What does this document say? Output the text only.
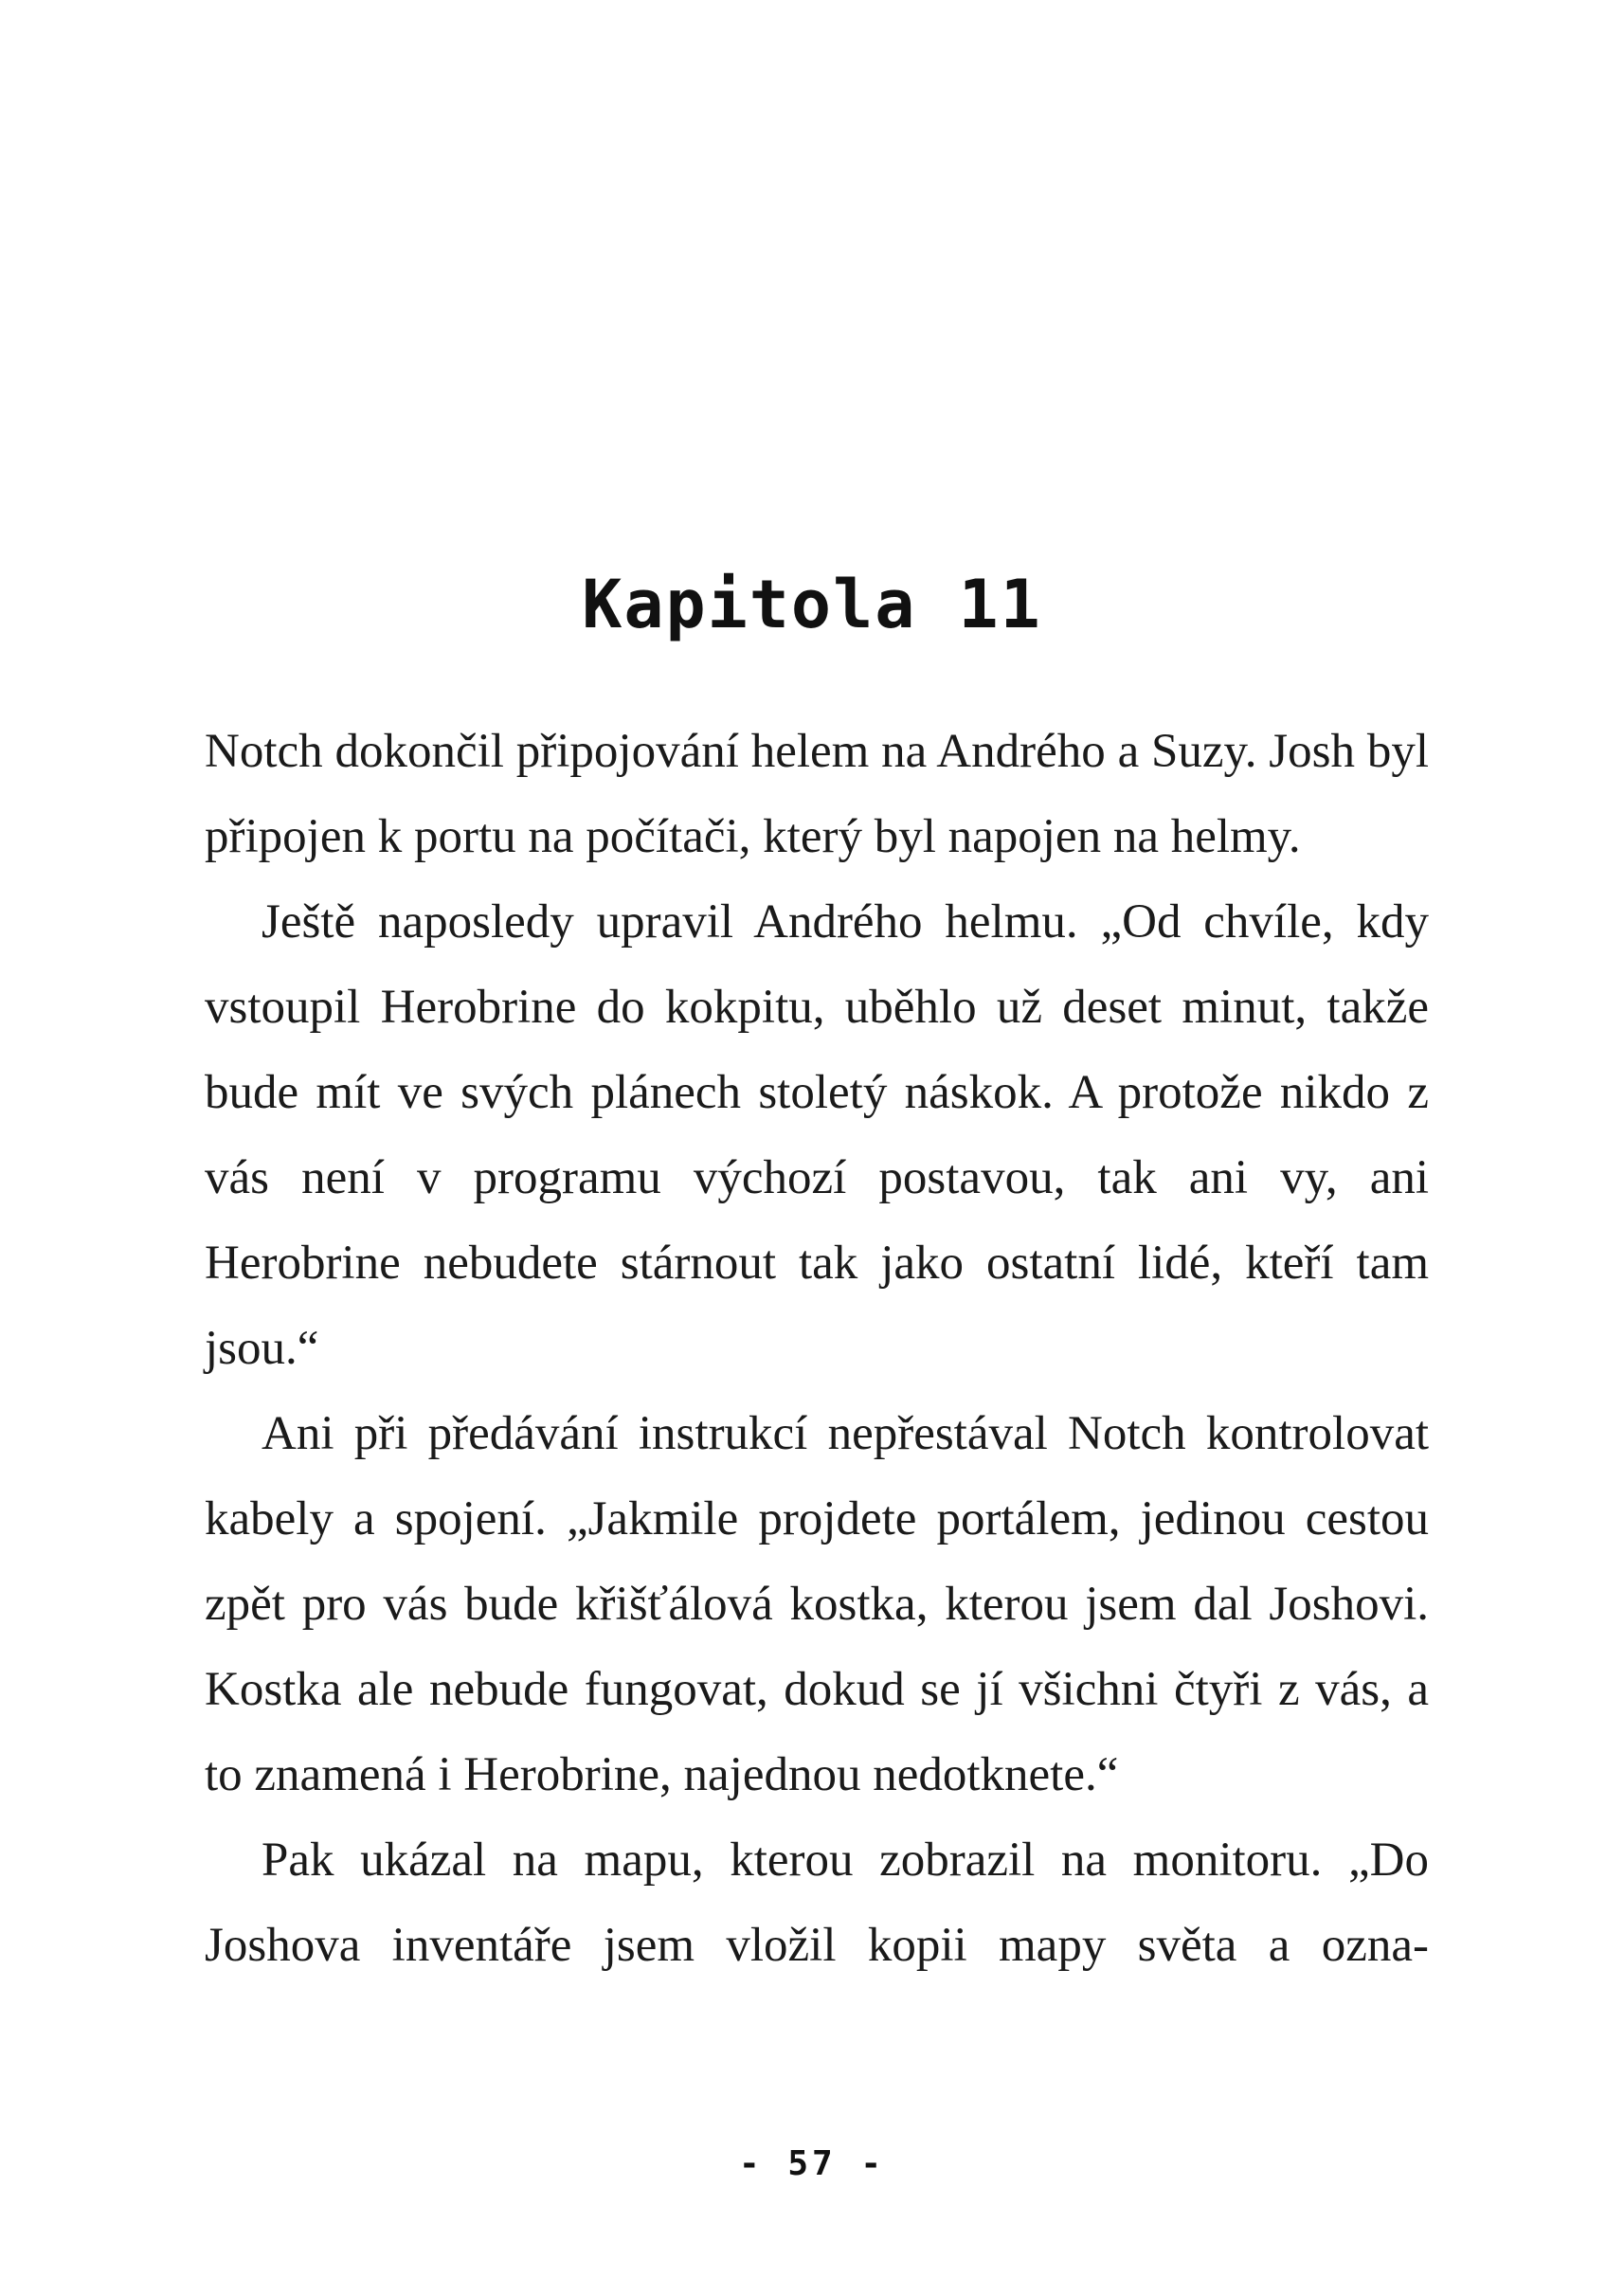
Kapitola 11

Notch dokončil připojování helem na Andrého a Suzy. Josh byl připojen k portu na počítači, který byl napojen na helmy.

Ještě naposledy upravil Andrého helmu. „Od chvíle, kdy vstoupil Herobrine do kokpitu, uběhlo už deset minut, takže bude mít ve svých plánech stoletý náskok. A protože nikdo z vás není v programu výchozí postavou, tak ani vy, ani Herobrine nebudete stárnout tak jako ostatní lidé, kteří tam jsou.“

Ani při předávání instrukcí nepřestával Notch kontrolovat kabely a spojení. „Jakmile projdete portálem, jedinou cestou zpět pro vás bude křišťálová kostka, kterou jsem dal Joshovi. Kostka ale nebude fungovat, dokud se jí všichni čtyři z vás, a to znamená i Herobrine, najednou nedotknete.“

Pak ukázal na mapu, kterou zobrazil na monitoru. „Do Joshova inventáře jsem vložil kopii mapy světa a ozna-

- 57 -
